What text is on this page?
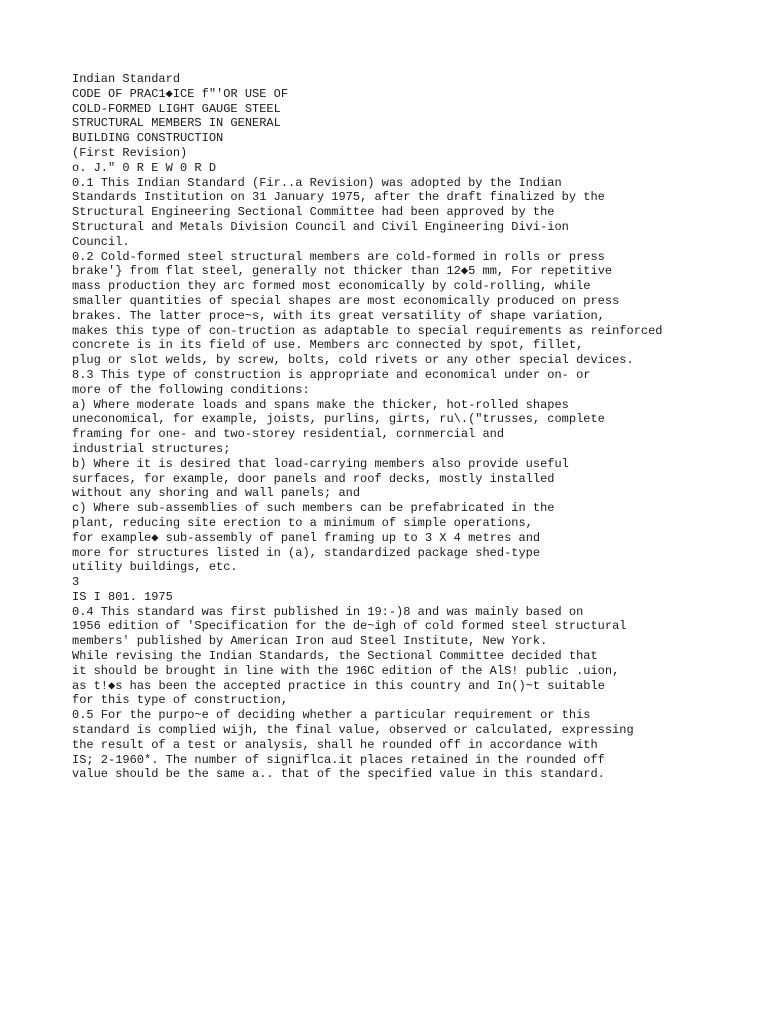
Indian Standard
CODE OF PRAC1◆ICE f"'OR USE OF
COLD-FORMED LIGHT GAUGE STEEL
STRUCTURAL MEMBERS IN GENERAL
BUILDING CONSTRUCTION
(First Revision)
o. J." 0 R E W 0 R D
0.1 This Indian Standard (Fir..a Revision) was adopted by the Indian
Standards Institution on 31 January 1975, after the draft finalized by the
Structural Engineering Sectional Committee had been approved by the
Structural and Metals Division Council and Civil Engineering Divi-ion
Council.
0.2 Cold-formed steel structural members are cold-formed in rolls or press
brake'} from flat steel, generally not thicker than 12◆5 mm, For repetitive
mass production they arc formed most economically by cold-rolling, while
smaller quantities of special shapes are most economically produced on press
brakes. The latter proce~s, with its great versatility of shape variation,
makes this type of con-truction as adaptable to special requirements as reinforced
concrete is in its field of use. Members arc connected by spot, fillet,
plug or slot welds, by screw, bolts, cold rivets or any other special devices.
8.3 This type of construction is appropriate and economical under on- or
more of the following conditions:
a) Where moderate loads and spans make the thicker, hot-rolled shapes
uneconomical, for example, joists, purlins, girts, ru\.("trusses, complete
framing for one- and two-storey residential, cornmercial and
industrial structures;
b) Where it is desired that load-carrying members also provide useful
surfaces, for example, door panels and roof decks, mostly installed
without any shoring and wall panels; and
c) Where sub-assemblies of such members can be prefabricated in the
plant, reducing site erection to a minimum of simple operations,
for example◆ sub-assembly of panel framing up to 3 X 4 metres and
more for structures listed in (a), standardized package shed-type
utility buildings, etc.
3
IS I 801. 1975
0.4 This standard was first published in 19:-)8 and was mainly based on
1956 edition of 'Specification for the de~igh of cold formed steel structural
members' published by American Iron aud Steel Institute, New York.
While revising the Indian Standards, the Sectional Committee decided that
it should be brought in line with the 196C edition of the AlS! public .uion,
as t!◆s has been the accepted practice in this country and In()~t suitable
for this type of construction,
0.5 For the purpo~e of deciding whether a particular requirement or this
standard is complied wijh, the final value, observed or calculated, expressing
the result of a test or analysis, shall he rounded off in accordance with
IS; 2-1960*. The number of signiflca.it places retained in the rounded off
value should be the same a.. that of the specified value in this standard.
